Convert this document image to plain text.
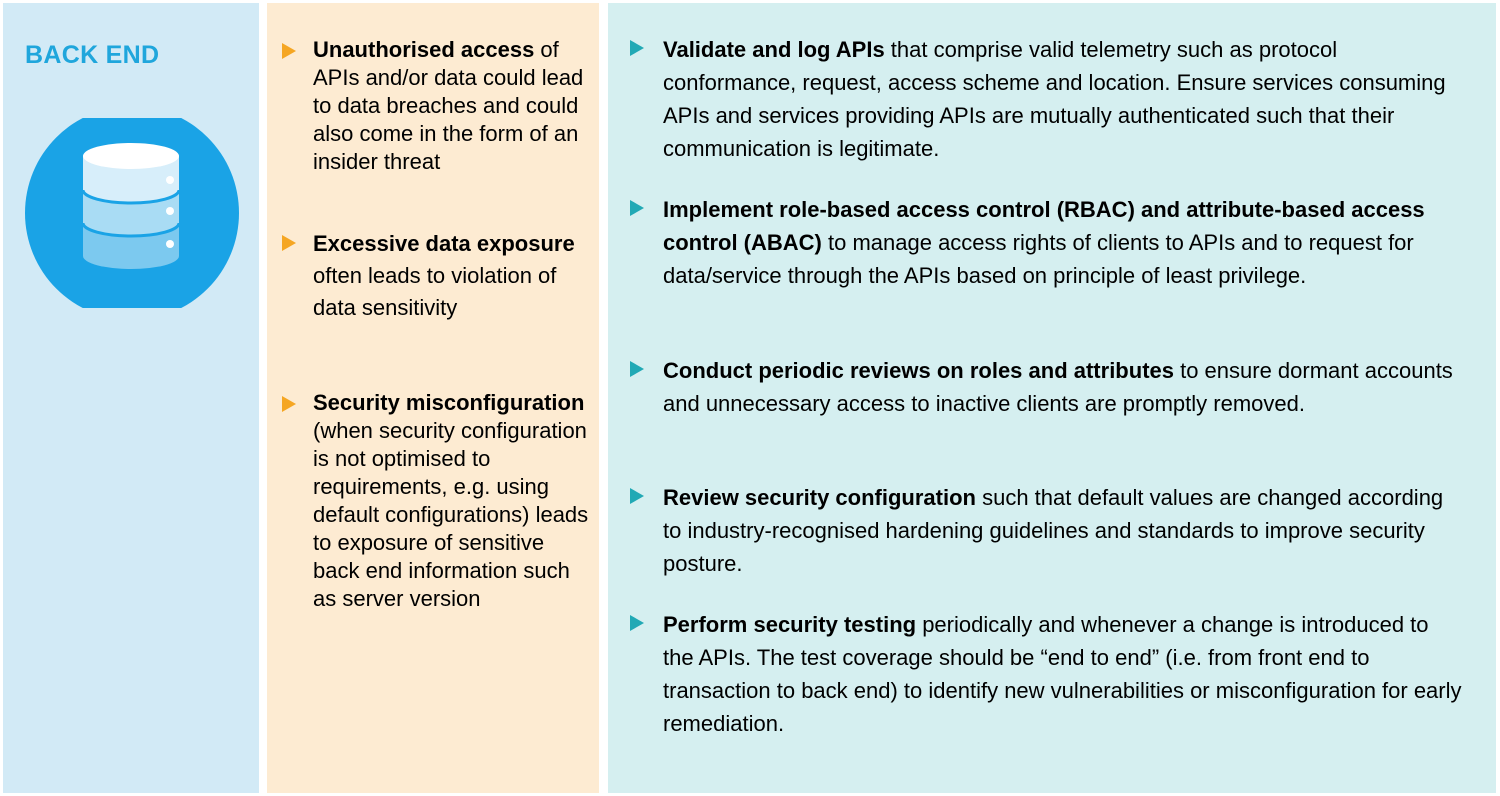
BACK END	Unauthorised access of APIs and/or data could lead to data breaches and could also come in the form of an insider threat
Excessive data exposure often leads to violation of data sensitivity
Security misconfiguration (when security configuration is not optimised to requirements, e.g. using default configurations) leads to exposure of sensitive back end information such as server version
Validate and log APIs that comprise valid telemetry such as protocol conformance, request, access scheme and location. Ensure services consuming APIs and services providing APIs are mutually authenticated such that their communication is legitimate.
Implement role-based access control (RBAC) and attribute-based access control (ABAC) to manage access rights of clients to APIs and to request for data/service through the APIs based on principle of least privilege.
Conduct periodic reviews on roles and attributes to ensure dormant accounts and unnecessary access to inactive clients are promptly removed.
Review security configuration such that default values are changed according to industry-recognised hardening guidelines and standards to improve security posture.
Perform security testing periodically and whenever a change is introduced to the APIs. The test coverage should be “end to end” (i.e. from front end to transaction to back end) to identify new vulnerabilities or misconfiguration for early remediation.
